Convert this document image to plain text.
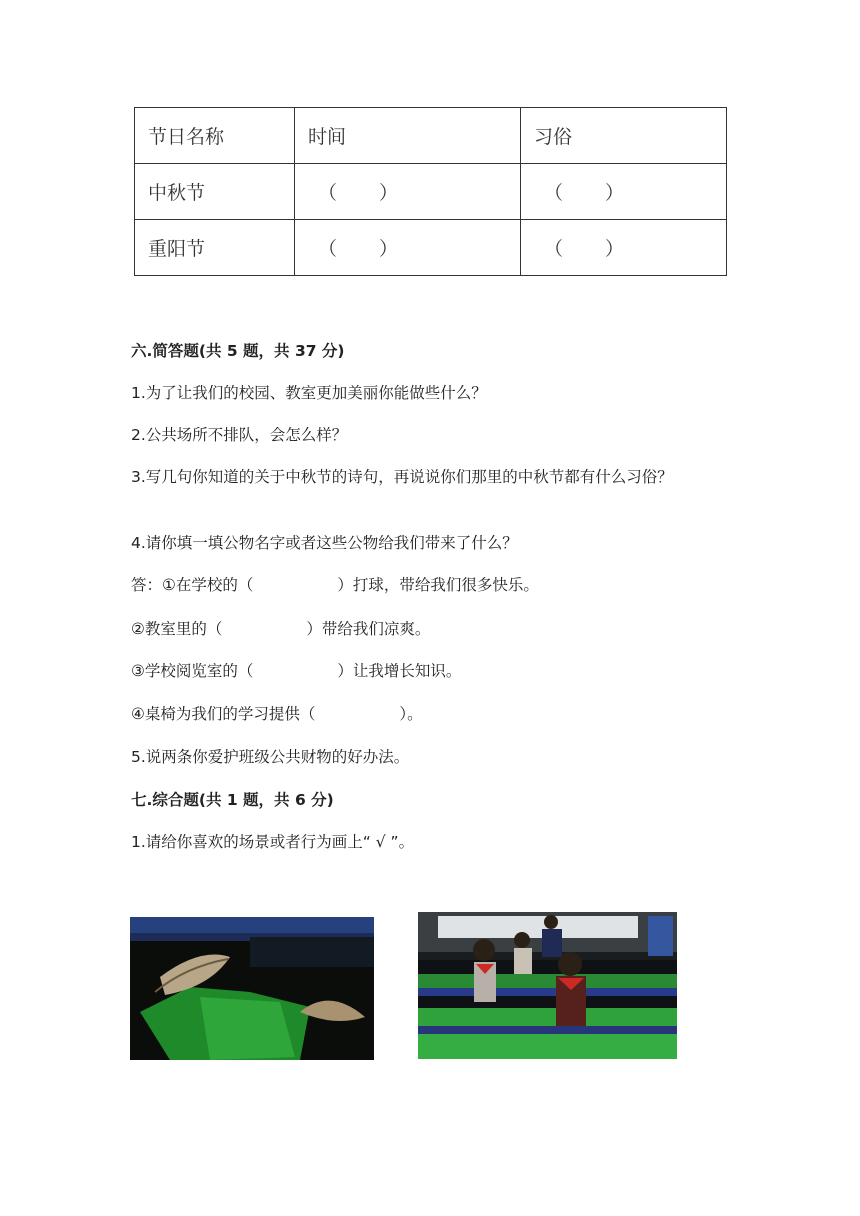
节日名称	时间	习俗
中秋节	（ ）	（ ）

重阳节	（ ）	（ ）
六.简答题(共 5 题，共 37 分)
1.为了让我们的校园、教室更加美丽你能做些什么？
2.公共场所不排队，会怎么样？
3.写几句你知道的关于中秋节的诗句，再说说你们那里的中秋节都有什么习俗？
4.请你填一填公物名字或者这些公物给我们带来了什么？
答：①在学校的（	）打球，带给我们很多快乐。
②教室里的（	）带给我们凉爽。
③学校阅览室的（	）让我增长知识。
④桌椅为我们的学习提供（	）。
5.说两条你爱护班级公共财物的好办法。
七.综合题(共 1 题，共 6 分)
1.请给你喜欢的场景或者行为画上“ √ ”。
